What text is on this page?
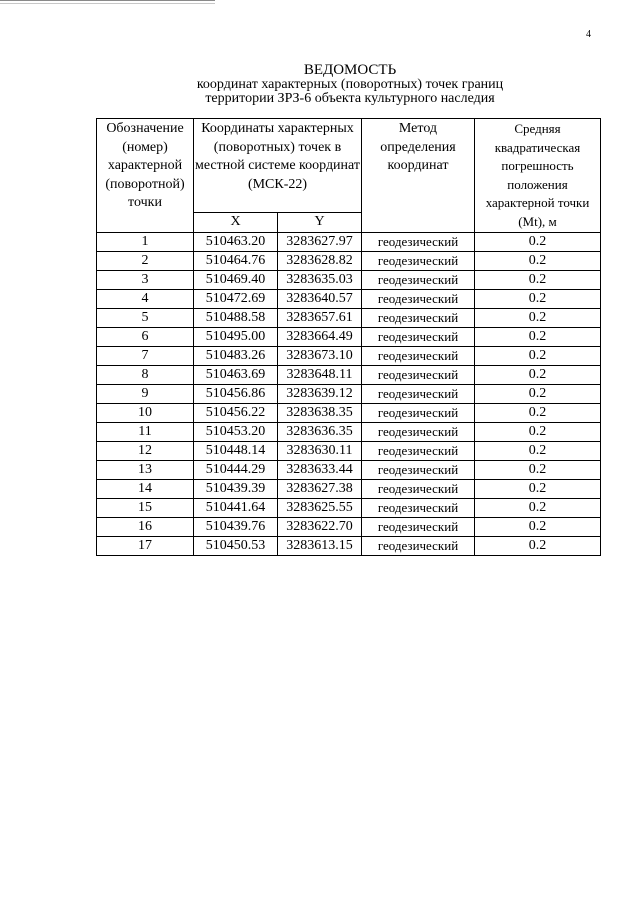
4
ВЕДОМОСТЬ
координат характерных (поворотных) точек границ
территории ЗРЗ-6 объекта культурного наследия
Обозначение (номер) характерной (поворотной) точки	Координаты характерных (поворотных) точек в местной системе координат (МСК-22)		Метод определения координат	Средняя квадратическая погрешность положения характерной точки (Mt), м
	X	Y		
1	510463.20	3283627.97	геодезический	0.2
2	510464.76	3283628.82	геодезический	0.2
3	510469.40	3283635.03	геодезический	0.2
4	510472.69	3283640.57	геодезический	0.2
5	510488.58	3283657.61	геодезический	0.2
6	510495.00	3283664.49	геодезический	0.2
7	510483.26	3283673.10	геодезический	0.2
8	510463.69	3283648.11	геодезический	0.2
9	510456.86	3283639.12	геодезический	0.2
10	510456.22	3283638.35	геодезический	0.2
11	510453.20	3283636.35	геодезический	0.2
12	510448.14	3283630.11	геодезический	0.2
13	510444.29	3283633.44	геодезический	0.2
14	510439.39	3283627.38	геодезический	0.2
15	510441.64	3283625.55	геодезический	0.2
16	510439.76	3283622.70	геодезический	0.2
17	510450.53	3283613.15	геодезический	0.2
